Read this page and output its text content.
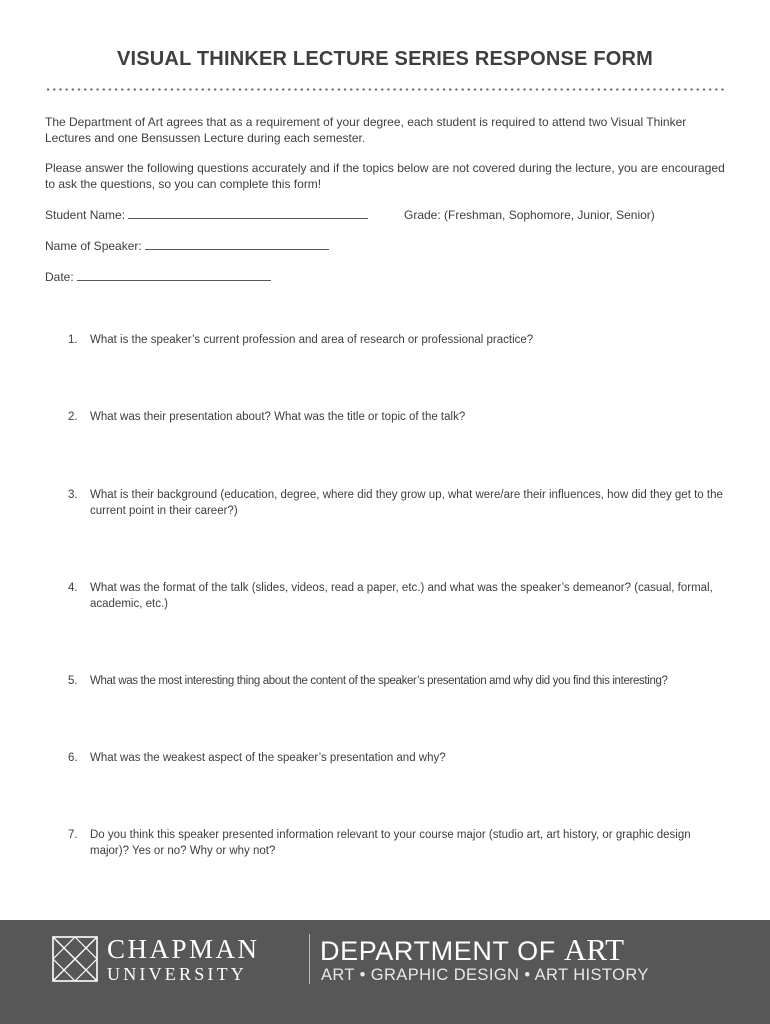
VISUAL THINKER LECTURE SERIES RESPONSE FORM
The Department of Art agrees that as a requirement of your degree, each student is required to attend two Visual Thinker Lectures and one Bensussen Lecture during each semester.
Please answer the following questions accurately and if the topics below are not covered during the lecture, you are encouraged to ask the questions, so you can complete this form!
Student Name:	Grade: (Freshman, Sophomore, Junior, Senior)
Name of Speaker:
Date:
1. What is the speaker’s current profession and area of research or professional practice?
2. What was their presentation about? What was the title or topic of the talk?
3. What is their background (education, degree, where did they grow up, what were/are their influences, how did they get to the current point in their career?)
4. What was the format of the talk (slides, videos, read a paper, etc.) and what was the speaker’s demeanor? (casual, formal, academic, etc.)
5. What was the most interesting thing about the content of the speaker’s presentation amd why did you find this interesting?
6. What was the weakest aspect of the speaker’s presentation and why?
7. Do you think this speaker presented information relevant to your course major (studio art, art history, or graphic design major)? Yes or no? Why or why not?
CHAPMAN
UNIVERSITY
DEPARTMENT OF ART
ART • GRAPHIC DESIGN • ART HISTORY
